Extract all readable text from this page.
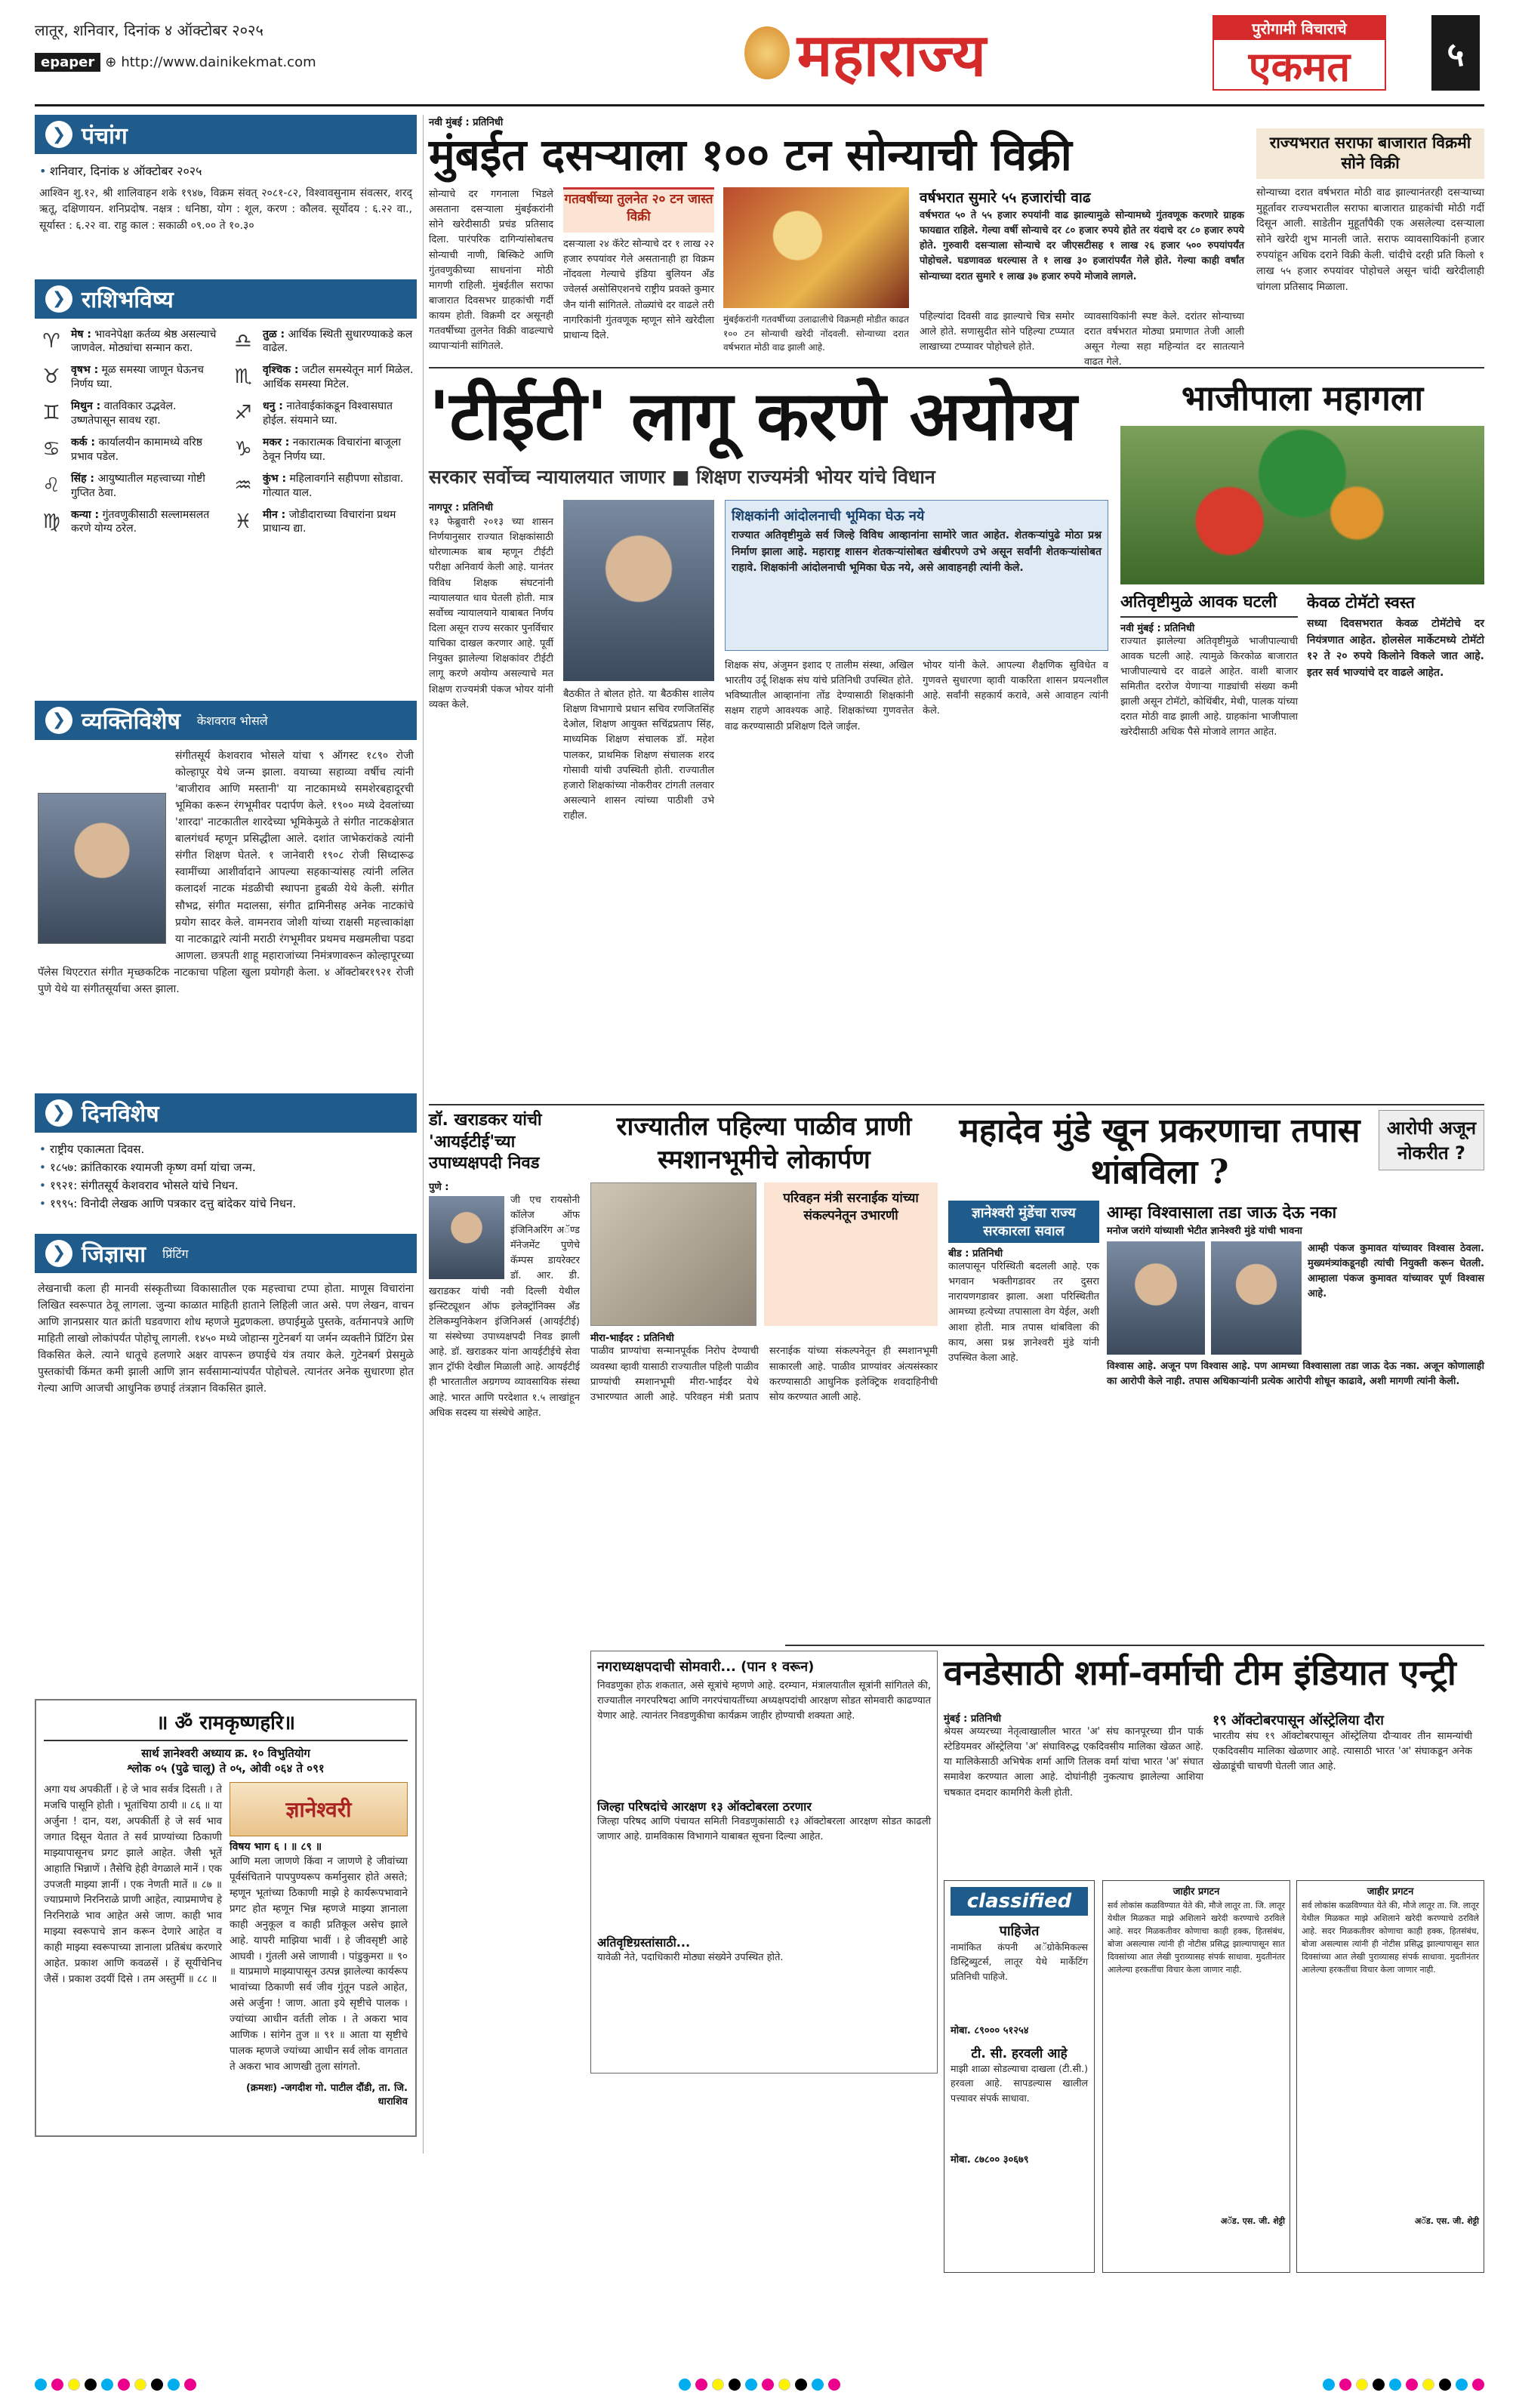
लातूर, शनिवार, दिनांक ४ ऑक्टोबर २०२५
epaper ⊕ http://www.dainikekmat.com	महाराज्य	पुरोगामी विचाराचे
एकमत	५
❯ पंचांग
• शनिवार, दिनांक ४ ऑक्टोबर २०२५
आश्विन शु.१२, श्री शालिवाहन शके १९४७, विक्रम संवत् २०८१-८२, विश्वावसुनाम संवत्सर, शरद् ऋतू, दक्षिणायन. शनिप्रदोष. नक्षत्र : धनिष्ठा, योग : शूल, करण : कौलव. सूर्योदय : ६.२२ वा., सूर्यास्त : ६.२२ वा. राहु काल : सकाळी ०९.०० ते १०.३०
❯ राशिभविष्य
♈	मेष : भावनेपेक्षा कर्तव्य श्रेष्ठ असल्याचे जाणवेल. मोठ्यांचा सन्मान करा.
♉	वृषभ : मूळ समस्या जाणून घेऊनच निर्णय घ्या.
♊	मिथुन : वातविकार उद्भवेल. उष्णतेपासून सावध रहा.
♋	कर्क : कार्यालयीन कामामध्ये वरिष्ठ प्रभाव पडेल.
♌	सिंह : आयुष्यातील महत्त्वाच्या गोष्टी गुप्तित ठेवा.
♍	कन्या : गुंतवणुकीसाठी सल्लामसलत करणे योग्य ठरेल.
♎	तुळ : आर्थिक स्थिती सुधारण्याकडे कल वाढेल.
♏	वृश्चिक : जटील समस्येतून मार्ग मिळेल. आर्थिक समस्या मिटेल.
♐	धनु : नातेवाईकांकडून विश्वासघात होईल. संयमाने घ्या.
♑	मकर : नकारात्मक विचारांना बाजूला ठेवून निर्णय घ्या.
♒	कुंभ : महिलावर्गाने सहीपणा सोडावा. गोत्यात याल.
♓	मीन : जोडीदाराच्या विचारांना प्रथम प्राधान्य द्या.
❯ व्यक्तिविशेष केशवराव भोसले
संगीतसूर्य केशवराव भोसले यांचा ९ ऑगस्ट १८९० रोजी कोल्हापूर येथे जन्म झाला. वयाच्या सहाव्या वर्षीच त्यांनी 'बाजीराव आणि मस्तानी' या नाटकामध्ये समशेरबहादूरची भूमिका करून रंगभूमीवर पदार्पण केले. १९०० मध्ये देवलांच्या 'शारदा' नाटकातील शारदेच्या भूमिकेमुळे ते संगीत नाटकक्षेत्रात बालगंधर्व म्हणून प्रसिद्धीला आले. दशांत जाभेकरांकडे त्यांनी संगीत शिक्षण घेतले. १ जानेवारी १९०८ रोजी सिध्दारूढ स्वामींच्या आशीर्वादाने आपल्या सहकाऱ्यांसह त्यांनी ललित कलादर्श नाटक मंडळीची स्थापना हुबळी येथे केली. संगीत सौभद्र, संगीत मदालसा, संगीत द्रामिनीसह अनेक नाटकांचे प्रयोग सादर केले. वामनराव जोशी यांच्या राक्षसी महत्त्वाकांक्षा या नाटकाद्वारे त्यांनी मराठी रंगभूमीवर प्रथमच मखमलीचा पडदा आणला. छत्रपती शाहू महाराजांच्या निमंत्रणावरून कोल्हापूरच्या पॅलेस थिएटरात संगीत मृच्छकटिक नाटकाचा पहिला खुला प्रयोगही केला. ४ ऑक्टोबर१९२१ रोजी पुणे येथे या संगीतसूर्याचा अस्त झाला.
❯ दिनविशेष
• राष्ट्रीय एकात्मता दिवस.
• १८५७: क्रांतिकारक श्यामजी कृष्ण वर्मा यांचा जन्म.
• १९२१: संगीतसूर्य केशवराव भोसले यांचे निधन.
• १९९५: विनोदी लेखक आणि पत्रकार दत्तु बांदेकर यांचे निधन.
❯ जिज्ञासा प्रिंटिंग
लेखनाची कला ही मानवी संस्कृतीच्या विकासातील एक महत्त्वाचा टप्पा होता. माणूस विचारांना लिखित स्वरूपात ठेवू लागला. जुन्या काळात माहिती हाताने लिहिली जात असे. पण लेखन, वाचन आणि ज्ञानप्रसार यात क्रांती घडवणारा शोध म्हणजे मुद्रणकला. छपाईमुळे पुस्तके, वर्तमानपत्रे आणि माहिती लाखो लोकांपर्यंत पोहोचू लागली. १४५० मध्ये जोहान्स गुटेनबर्ग या जर्मन व्यक्तीने प्रिंटिंग प्रेस विकसित केले. त्याने धातूचे हलणारे अक्षर वापरून छपाईचे यंत्र तयार केले. गुटेनबर्ग प्रेसमुळे पुस्तकांची किंमत कमी झाली आणि ज्ञान सर्वसामान्यांपर्यंत पोहोचले. त्यानंतर अनेक सुधारणा होत गेल्या आणि आजची आधुनिक छपाई तंत्रज्ञान विकसित झाले.
॥ ॐ रामकृष्णहरि॥
सार्थ ज्ञानेश्वरी अध्याय क्र. १० विभुतियोग
श्लोक ०५ (पुढे चालू) ते ०५, ओवी ०६४ ते ०९१
अगा यथ अपकीर्ती । हे जे भाव सर्वत्र दिसती । ते मजचि पासूनि होती । भूतांचिया ठायी ॥ ८६ ॥ या अर्जुना ! दान, यश, अपकीर्ती हे जे सर्व भाव जगात दिसून येतात ते सर्व प्राण्यांच्या ठिकाणी माझ्यापासूनच प्रगट झाले आहेत. जैसी भूतें आहाति भिन्नाणें । तैसेचि हेही वेगळाले मानें । एक उपजती माझ्या ज्ञानीं । एक नेणती मातें ॥ ८७ ॥ ज्याप्रमाणे निरनिराळे प्राणी आहेत, त्याप्रमाणेच हे निरनिराळे भाव आहेत असे जाण. काही भाव माझ्या स्वरूपाचे ज्ञान करून देणारे आहेत व काही माझ्या स्वरूपाच्या ज्ञानाला प्रतिबंध करणारे आहेत. प्रकाश आणि कवळसें । हें सूर्यीचेनिच जैसें । प्रकाश उदयीं दिसे । तम अस्तुमीं ॥ ८८ ॥
ज्ञानेश्वरी
विषय भाग ६ । ॥ ८९ ॥
आणि मला जाणणे किंवा न जाणणे हे जीवांच्या पूर्वसंचिताने पापपुण्यरूप कर्मानुसार होते असते; म्हणून भूतांच्या ठिकाणी माझे हे कार्यरूपभावाने प्रगट होत म्हणून भिन्न म्हणजे माझ्या ज्ञानाला काही अनुकूल व काही प्रतिकूल असेच झाले आहे. यापरी माझिया भावीं । हे जीवसृष्टी आहे आघवी । गुंतली असे जाणावी । पांडुकुमरा ॥ ९० ॥ याप्रमाणे माझ्यापासून उत्पन्न झालेल्या कार्यरूप भावांच्या ठिकाणी सर्व जीव गुंतून पडले आहेत, असे अर्जुना ! जाण. आता इये सृष्टीचे पालक । ज्यांच्या आधीन वर्तती लोक । ते अकरा भाव आणिक । सांगेन तुज ॥ ९१ ॥ आता या सृष्टीचे पालक म्हणजे ज्यांच्या आधीन सर्व लोक वागतात ते अकरा भाव आणखी तुला सांगतो.
(क्रमशः) -जगदीश गो. पाटील दौंडी, ता. जि. धाराशिव
नवी मुंबई : प्रतिनिधी
मुंबईत दसऱ्याला १०० टन सोन्याची विक्री
सोन्याचे दर गगनाला भिडले असताना दसऱ्याला मुंबईकरांनी सोने खरेदीसाठी प्रचंड प्रतिसाद दिला. पारंपरिक दागिन्यांसोबतच सोन्याची नाणी, बिस्किटे आणि गुंतवणुकीच्या साधनांना मोठी मागणी राहिली. मुंबईतील सराफा बाजारात दिवसभर ग्राहकांची गर्दी कायम होती. विक्रमी दर असूनही गतवर्षीच्या तुलनेत विक्री वाढल्याचे व्यापाऱ्यांनी सांगितले.
गतवर्षीच्या तुलनेत २० टन जास्त विक्री
दसऱ्याला २४ कॅरेट सोन्याचे दर १ लाख २२ हजार रुपयांवर गेले असतानाही हा विक्रम नोंदवला गेल्याचे इंडिया बुलियन अँड ज्वेलर्स असोसिएशनचे राष्ट्रीय प्रवक्ते कुमार जैन यांनी सांगितले. तोळ्यांचे दर वाढले तरी नागरिकांनी गुंतवणूक म्हणून सोने खरेदीला प्राधान्य दिले.
मुंबईकरांनी गतवर्षीच्या उलाढालीचे विक्रमही मोडीत काढत १०० टन सोन्याची खरेदी नोंदवली. सोन्याच्या दरात वर्षभरात मोठी वाढ झाली आहे.
वर्षभरात सुमारे ५५ हजारांची वाढ
वर्षभरात ५० ते ५५ हजार रुपयांनी वाढ झाल्यामुळे सोन्यामध्ये गुंतवणूक करणारे ग्राहक फायद्यात राहिले. गेल्या वर्षी सोन्याचे दर ८० हजार रुपये होते तर यंदाचे दर ८० हजार रुपये होते. गुरुवारी दसऱ्याला सोन्याचे दर जीएसटीसह १ लाख २६ हजार ५०० रुपयांपर्यंत पोहोचले. घडणावळ धरल्यास ते १ लाख ३० हजारांपर्यंत गेले होते. गेल्या काही वर्षांत सोन्याच्या दरात सुमारे १ लाख ३७ हजार रुपये मोजावे लागले.
पहिल्यांदा दिवसी वाढ झाल्याचे चित्र समोर आले होते. सणासुदीत सोने पहिल्या टप्प्यात लाखाच्या टप्प्यावर पोहोचले होते.
व्यावसायिकांनी स्पष्ट केले. दरांतर सोन्याच्या दरात वर्षभरात मोठ्या प्रमाणात तेजी आली असून गेल्या सहा महिन्यांत दर सातत्याने वाढत गेले.
राज्यभरात सराफा बाजारात विक्रमी सोने विक्री
सोन्याच्या दरात वर्षभरात मोठी वाढ झाल्यानंतरही दसऱ्याच्या मुहूर्तावर राज्यभरातील सराफा बाजारात ग्राहकांची मोठी गर्दी दिसून आली. साडेतीन मुहूर्तांपैकी एक असलेल्या दसऱ्याला सोने खरेदी शुभ मानली जाते. सराफ व्यावसायिकांनी हजार रुपयांहून अधिक दराने विक्री केली. चांदीचे दरही प्रति किलो १ लाख ५५ हजार रुपयांवर पोहोचले असून चांदी खरेदीलाही चांगला प्रतिसाद मिळाला.
'टीईटी' लागू करणे अयोग्य
सरकार सर्वोच्च न्यायालयात जाणार ■ शिक्षण राज्यमंत्री भोयर यांचे विधान
नागपूर : प्रतिनिधी
१३ फेब्रुवारी २०१३ च्या शासन निर्णयानुसार राज्यात शिक्षकांसाठी धोरणात्मक बाब म्हणून टीईटी परीक्षा अनिवार्य केली आहे. यानंतर विविध शिक्षक संघटनांनी न्यायालयात धाव घेतली होती. मात्र सर्वोच्च न्यायालयाने याबाबत निर्णय दिला असून राज्य सरकार पुनर्विचार याचिका दाखल करणार आहे. पूर्वी नियुक्त झालेल्या शिक्षकांवर टीईटी लागू करणे अयोग्य असल्याचे मत शिक्षण राज्यमंत्री पंकज भोयर यांनी व्यक्त केले.
बैठकीत ते बोलत होते. या बैठकीस शालेय शिक्षण विभागाचे प्रधान सचिव रणजितसिंह देओल, शिक्षण आयुक्त सचिंद्रप्रताप सिंह, माध्यमिक शिक्षण संचालक डॉ. महेश पालकर, प्राथमिक शिक्षण संचालक शरद गोसावी यांची उपस्थिती होती. राज्यातील हजारो शिक्षकांच्या नोकरीवर टांगती तलवार असल्याने शासन त्यांच्या पाठीशी उभे राहील.
शिक्षकांनी आंदोलनाची भूमिका घेऊ नये
राज्यात अतिवृष्टीमुळे सर्व जिल्हे विविध आव्हानांना सामोरे जात आहेत. शेतकऱ्यांपुढे मोठा प्रश्न निर्माण झाला आहे. महाराष्ट्र शासन शेतकऱ्यांसोबत खंबीरपणे उभे असून सर्वांनी शेतकऱ्यांसोबत राहावे. शिक्षकांनी आंदोलनाची भूमिका घेऊ नये, असे आवाहनही त्यांनी केले.
शिक्षक संघ, अंजुमन इशाद ए तालीम संस्था, अखिल भारतीय उर्दू शिक्षक संघ यांचे प्रतिनिधी उपस्थित होते. भविष्यातील आव्हानांना तोंड देण्यासाठी शिक्षकांनी सक्षम राहणे आवश्यक आहे. शिक्षकांच्या गुणवत्तेत वाढ करण्यासाठी प्रशिक्षण दिले जाईल.
भोयर यांनी केले. आपल्या शैक्षणिक सुविधेत व गुणवत्ते सुधारणा व्हावी याकरिता शासन प्रयत्नशील आहे. सर्वांनी सहकार्य करावे, असे आवाहन त्यांनी केले.
भाजीपाला महागला
अतिवृष्टीमुळे आवक घटली
नवी मुंबई : प्रतिनिधी
राज्यात झालेल्या अतिवृष्टीमुळे भाजीपाल्याची आवक घटली आहे. त्यामुळे किरकोळ बाजारात भाजीपाल्याचे दर वाढले आहेत. वाशी बाजार समितीत दररोज येणाऱ्या गाड्यांची संख्या कमी झाली असून टोमॅटो, कोथिंबीर, मेथी, पालक यांच्या दरात मोठी वाढ झाली आहे. ग्राहकांना भाजीपाला खरेदीसाठी अधिक पैसे मोजावे लागत आहेत.
केवळ टोमॅटो स्वस्त
सध्या दिवसभरात केवळ टोमॅटोचे दर नियंत्रणात आहेत. होलसेल मार्केटमध्ये टोमॅटो १२ ते २० रुपये किलोने विकले जात आहे. इतर सर्व भाज्यांचे दर वाढले आहेत.
डॉ. खराडकर यांची 'आयईटीई'च्या उपाध्यक्षपदी निवड
पुणे :
जी एच रायसोनी कॉलेज ऑफ इंजिनिअरिंग अॅण्ड मॅनेजमेंट पुणेचे कॅम्पस डायरेक्टर डॉ. आर. डी. खराडकर यांची नवी दिल्ली येथील इन्स्टिट्यूशन ऑफ इलेक्ट्रॉनिक्स अँड टेलिकम्युनिकेशन इंजिनिअर्स (आयईटीई) या संस्थेच्या उपाध्यक्षपदी निवड झाली आहे. डॉ. खराडकर यांना आयईटीईचे सेवा ज्ञान ट्रॉफी देखील मिळाली आहे. आयईटीई ही भारतातील अग्रगण्य व्यावसायिक संस्था आहे. भारत आणि परदेशात १.५ लाखांहून अधिक सदस्य या संस्थेचे आहेत.
राज्यातील पहिल्या पाळीव प्राणी स्मशानभूमीचे लोकार्पण
परिवहन मंत्री सरनाईक यांच्या संकल्पनेतून उभारणी
मीरा-भाईंदर : प्रतिनिधी
पाळीव प्राण्यांचा सन्मानपूर्वक निरोप देण्याची व्यवस्था व्हावी यासाठी राज्यातील पहिली पाळीव प्राण्यांची स्मशानभूमी मीरा-भाईंदर येथे उभारण्यात आली आहे. परिवहन मंत्री प्रताप सरनाईक यांच्या संकल्पनेतून ही स्मशानभूमी साकारली आहे. पाळीव प्राण्यांवर अंत्यसंस्कार करण्यासाठी आधुनिक इलेक्ट्रिक शवदाहिनीची सोय करण्यात आली आहे.
महादेव मुंडे खून प्रकरणाचा तपास थांबविला ?
आरोपी अजून नोकरीत ?
ज्ञानेश्वरी मुंडेंचा राज्य सरकारला सवाल
बीड : प्रतिनिधी
कालपासून परिस्थिती बदलली आहे. एक भगवान भक्तीगडावर तर दुसरा नारायणगडावर झाला. अशा परिस्थितीत आमच्या हत्येच्या तपासाला वेग येईल, अशी आशा होती. मात्र तपास थांबविला की काय, असा प्रश्न ज्ञानेश्वरी मुंडे यांनी उपस्थित केला आहे.
आम्हा विश्वासाला तडा जाऊ देऊ नका
मनोज जरांगे यांच्याशी भेटीत ज्ञानेश्वरी मुंडे यांची भावना
आम्ही पंकज कुमावत यांच्यावर विश्वास ठेवला. मुख्यमंत्र्यांकडूनही त्यांची नियुक्ती करून घेतली. आम्हाला पंकज कुमावत यांच्यावर पूर्ण विश्वास आहे.
विश्वास आहे. अजून पण विश्वास आहे. पण आमच्या विश्वासाला तडा जाऊ देऊ नका. अजून कोणालाही का आरोपी केले नाही. तपास अधिकाऱ्यांनी प्रत्येक आरोपी शोधून काढावे, अशी मागणी त्यांनी केली.
नगराध्यक्षपदाची सोमवारी... (पान १ वरून)
निवडणुका होऊ शकतात, असे सूत्रांचे म्हणणे आहे. दरम्यान, मंत्रालयातील सूत्रांनी सांगितले की, राज्यातील नगरपरिषदा आणि नगरपंचायतींच्या अध्यक्षपदांची आरक्षण सोडत सोमवारी काढण्यात येणार आहे. त्यानंतर निवडणुकीचा कार्यक्रम जाहीर होण्याची शक्यता आहे.
जिल्हा परिषदांचे आरक्षण १३ ऑक्टोबरला ठरणार
जिल्हा परिषद आणि पंचायत समिती निवडणुकांसाठी १३ ऑक्टोबरला आरक्षण सोडत काढली जाणार आहे. ग्रामविकास विभागाने याबाबत सूचना दिल्या आहेत.
अतिवृष्टिग्रस्तांसाठी...
यावेळी नेते, पदाधिकारी मोठ्या संख्येने उपस्थित होते.
वनडेसाठी शर्मा-वर्माची टीम इंडियात एन्ट्री
मुंबई : प्रतिनिधी
श्रेयस अय्यरच्या नेतृत्वाखालील भारत 'अ' संघ कानपूरच्या ग्रीन पार्क स्टेडियमवर ऑस्ट्रेलिया 'अ' संघाविरुद्ध एकदिवसीय मालिका खेळत आहे. या मालिकेसाठी अभिषेक शर्मा आणि तिलक वर्मा यांचा भारत 'अ' संघात समावेश करण्यात आला आहे. दोघांनीही नुकत्याच झालेल्या आशिया चषकात दमदार कामगिरी केली होती.
१९ ऑक्टोबरपासून ऑस्ट्रेलिया दौरा
भारतीय संघ १९ ऑक्टोबरपासून ऑस्ट्रेलिया दौऱ्यावर तीन सामन्यांची एकदिवसीय मालिका खेळणार आहे. त्यासाठी भारत 'अ' संघाकडून अनेक खेळाडूंची चाचणी घेतली जात आहे.
classified
पाहिजेत
नामांकित कंपनी अॅग्रोकेमिकल्स डिस्ट्रिब्युटर्स, लातूर येथे मार्केटिंग प्रतिनिधी पाहिजे.
मोबा. ८९००० ५१२५४
टी. सी. हरवली आहे
माझी शाळा सोडल्याचा दाखला (टी.सी.) हरवला आहे. सापडल्यास खालील पत्त्यावर संपर्क साधावा.
मोबा. ८७८०० ३०६७९
जाहीर प्रगटन
सर्व लोकांस कळविण्यात येते की, मौजे लातूर ता. जि. लातूर येथील मिळकत माझे अशिलाने खरेदी करण्याचे ठरविले आहे. सदर मिळकतीवर कोणाचा काही हक्क, हितसंबंध, बोजा असल्यास त्यांनी ही नोटीस प्रसिद्ध झाल्यापासून सात दिवसांच्या आत लेखी पुराव्यासह संपर्क साधावा. मुदतीनंतर आलेल्या हरकतींचा विचार केला जाणार नाही.
अॅड. एस. जी. शेट्टी
जाहीर प्रगटन
सर्व लोकांस कळविण्यात येते की, मौजे लातूर ता. जि. लातूर येथील मिळकत माझे अशिलाने खरेदी करण्याचे ठरविले आहे. सदर मिळकतीवर कोणाचा काही हक्क, हितसंबंध, बोजा असल्यास त्यांनी ही नोटीस प्रसिद्ध झाल्यापासून सात दिवसांच्या आत लेखी पुराव्यासह संपर्क साधावा. मुदतीनंतर आलेल्या हरकतींचा विचार केला जाणार नाही.
अॅड. एस. जी. शेट्टी
